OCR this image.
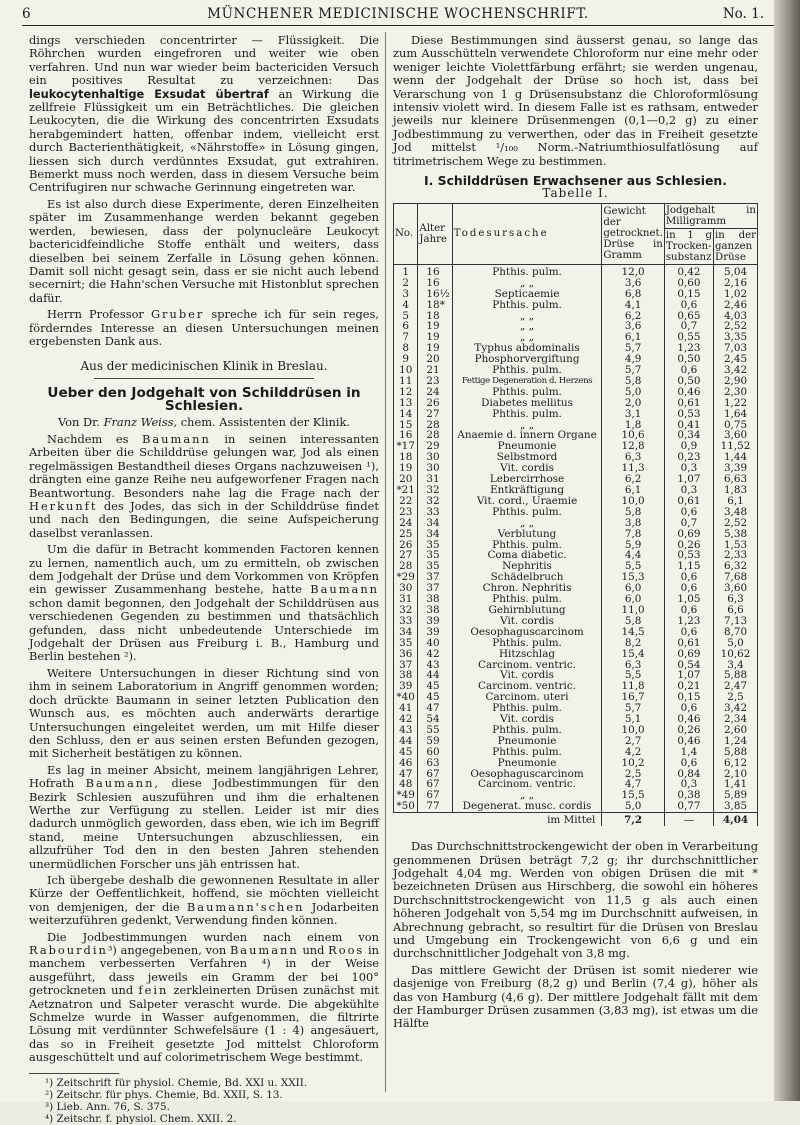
6	MÜNCHENER MEDICINISCHE WOCHENSCHRIFT.	No. 1.

dings verschieden concentrirter — Flüssigkeit. Die Röhrchen wurden eingefroren und weiter wie oben verfahren. Und nun war wieder beim bactericiden Versuch ein positives Resultat zu verzeichnen: Das leukocytenhaltige Exsudat übertraf an Wirkung die zellfreie Flüssigkeit um ein Beträchtliches. Die gleichen Leukocyten, die die Wirkung des concentrirten Exsudats herabgemindert hatten, offenbar indem, vielleicht erst durch Bacterienthätigkeit, «Nährstoffe» in Lösung gingen, liessen sich durch verdünntes Exsudat, gut extrahiren. Bemerkt muss noch werden, dass in diesem Versuche beim Centrifugiren nur schwache Gerinnung eingetreten war.

Es ist also durch diese Experimente, deren Einzelheiten später im Zusammenhange werden bekannt gegeben werden, bewiesen, dass der polynucleäre Leukocyt bactericidfeindliche Stoffe enthält und weiters, dass dieselben bei seinem Zerfalle in Lösung gehen können. Damit soll nicht gesagt sein, dass er sie nicht auch lebend secernirt; die Hahn'schen Versuche mit Histonblut sprechen dafür.

Herrn Professor Gruber spreche ich für sein reges, förderndes Interesse an diesen Untersuchungen meinen ergebensten Dank aus.

Aus der medicinischen Klinik in Breslau.
Ueber den Jodgehalt von Schilddrüsen in Schlesien.
Von Dr. Franz Weiss, chem. Assistenten der Klinik.

Nachdem es Baumann in seinen interessanten Arbeiten über die Schilddrüse gelungen war, Jod als einen regelmässigen Bestandtheil dieses Organs nachzuweisen ¹), drängten eine ganze Reihe neu aufgeworfener Fragen nach Beantwortung. Besonders nahe lag die Frage nach der Herkunft des Jodes, das sich in der Schilddrüse findet und nach den Bedingungen, die seine Aufspeicherung daselbst veranlassen.

Um die dafür in Betracht kommenden Factoren kennen zu lernen, namentlich auch, um zu ermitteln, ob zwischen dem Jodgehalt der Drüse und dem Vorkommen von Kröpfen ein gewisser Zusammenhang bestehe, hatte Baumann schon damit begonnen, den Jodgehalt der Schilddrüsen aus verschiedenen Gegenden zu bestimmen und thatsächlich gefunden, dass nicht unbedeutende Unterschiede im Jodgehalt der Drüsen aus Freiburg i. B., Hamburg und Berlin bestehen ²).

Weitere Untersuchungen in dieser Richtung sind von ihm in seinem Laboratorium in Angriff genommen worden; doch drückte Baumann in seiner letzten Publication den Wunsch aus, es möchten auch anderwärts derartige Untersuchungen eingeleitet werden, um mit Hilfe dieser den Schluss, den er aus seinen ersten Befunden gezogen, mit Sicherheit bestätigen zu können.

Es lag in meiner Absicht, meinem langjährigen Lehrer, Hofrath Baumann, diese Jodbestimmungen für den Bezirk Schlesien auszuführen und ihm die erhaltenen Werthe zur Verfügung zu stellen. Leider ist mir dies dadurch unmöglich geworden, dass eben, wie ich im Begriff stand, meine Untersuchungen abzuschliessen, ein allzufrüher Tod den in den besten Jahren stehenden unermüdlichen Forscher uns jäh entrissen hat.

Ich übergebe deshalb die gewonnenen Resultate in aller Kürze der Oeffentlichkeit, hoffend, sie möchten vielleicht von demjenigen, der die Baumann'schen Jodarbeiten weiterzuführen gedenkt, Verwendung finden können.

Die Jodbestimmungen wurden nach einem von Rabourdin³) angegebenen, von Baumann und Roos in manchem verbesserten Verfahren ⁴) in der Weise ausgeführt, dass jeweils ein Gramm der bei 100° getrockneten und fein zerkleinerten Drüsen zunächst mit Aetznatron und Salpeter verascht wurde. Die abgekühlte Schmelze wurde in Wasser aufgenommen, die filtrirte Lösung mit verdünnter Schwefelsäure (1 : 4) angesäuert, das so in Freiheit gesetzte Jod mittelst Chloroform ausgeschüttelt und auf colorimetrischem Wege bestimmt.

¹) Zeitschrift für physiol. Chemie, Bd. XXI u. XXII.

²) Zeitschr. für phys. Chemie, Bd. XXII, S. 13.

³) Lieb. Ann. 76, S. 375.

⁴) Zeitschr. f. physiol. Chem. XXII. 2.

Diese Bestimmungen sind äusserst genau, so lange das zum Ausschütteln verwendete Chloroform nur eine mehr oder weniger leichte Violettfärbung erfährt; sie werden ungenau, wenn der Jodgehalt der Drüse so hoch ist, dass bei Verarschung von 1 g Drüsensubstanz die Chloroformlösung intensiv violett wird. In diesem Falle ist es rathsam, entweder jeweils nur kleinere Drüsenmengen (0,1—0,2 g) zu einer Jodbestimmung zu verwerthen, oder das in Freiheit gesetzte Jod mittelst ¹/₁₀₀ Norm.-Natriumthiosulfatlösung auf titrimetrischem Wege zu bestimmen.

I. Schilddrüsen Erwachsener aus Schlesien.
Tabelle I.
No.	Alter
Jahre	Todesursache	Gewicht der getrocknet. Drüse in Gramm	Jodgehalt in Milligramm	
				in 1 g Trocken-substanz	in der ganzen Drüse
1	16	Phthis. pulm.	12,0	0,42	5,04
2	16	„ „	3,6	0,60	2,16
3	16½	Septicaemie	6,8	0,15	1,02
4	18*	Phthis. pulm.	4,1	0,6	2,46
5	18	„ „	6,2	0,65	4,03
6	19	„ „	3,6	0,7	2,52
7	19	„ „	6,1	0,55	3,35
8	19	Typhus abdominalis	5,7	1,23	7,03
9	20	Phosphorvergiftung	4,9	0,50	2,45
10	21	Phthis. pulm.	5,7	0,6	3,42
11	23	Fettige Degeneration d. Herzens	5,8	0,50	2,90
12	24	Phthis. pulm.	5,0	0,46	2,30
13	26	Diabetes mellitus	2,0	0,61	1,22
14	27	Phthis. pulm.	3,1	0,53	1,64
15	28	„ „	1,8	0,41	0,75
16	28	Anaemie d. innern Organe	10,6	0,34	3,60
*17	29	Pneumonie	12,8	0,9	11,52
18	30	Selbstmord	6,3	0,23	1,44
19	30	Vit. cordis	11,3	0,3	3,39
20	31	Lebercirrhose	6,2	1,07	6,63
*21	32	Entkräftigung	6,1	0,3	1,83
22	32	Vit. cord., Uraemie	10,0	0,61	6,1
23	33	Phthis. pulm.	5,8	0,6	3,48
24	34	„ „	3,8	0,7	2,52
25	34	Verblutung	7,8	0,69	5,38
26	35	Phthis. pulm.	5,9	0,26	1,53
27	35	Coma diabetic.	4,4	0,53	2,33
28	35	Nephritis	5,5	1,15	6,32
*29	37	Schädelbruch	15,3	0,6	7,68
30	37	Chron. Nephritis	6,0	0,6	3,60
31	38	Phthis. pulm.	6,0	1,05	6,3
32	38	Gehirnblutung	11,0	0,6	6,6
33	39	Vit. cordis	5,8	1,23	7,13
34	39	Oesophaguscarcinom	14,5	0,6	8,70
35	40	Phthis. pulm.	8,2	0,61	5,0
36	42	Hitzschlag	15,4	0,69	10,62
37	43	Carcinom. ventric.	6,3	0,54	3,4
38	44	Vit. cordis	5,5	1,07	5,88
39	45	Carcinom. ventric.	11,8	0,21	2,47
*40	45	Carcinom. uteri	16,7	0,15	2,5
41	47	Phthis. pulm.	5,7	0,6	3,42
42	54	Vit. cordis	5,1	0,46	2,34
43	55	Phthis. pulm.	10,0	0,26	2,60
44	59	Pneumonie	2,7	0,46	1,24
45	60	Phthis. pulm.	4,2	1,4	5,88
46	63	Pneumonie	10,2	0,6	6,12
47	67	Oesophaguscarcinom	2,5	0,84	2,10
48	67	Carcinom. ventric.	4,7	0,3	1,41
*49	67	„ „	15,5	0,38	5,89
*50	77	Degenerat. musc. cordis	5,0	0,77	3,85
im Mittel			7,2	—	4,04

Das Durchschnittstrockengewicht der oben in Verarbeitung genommenen Drüsen beträgt 7,2 g; ihr durchschnittlicher Jodgehalt 4,04 mg. Werden von obigen Drüsen die mit * bezeichneten Drüsen aus Hirschberg, die sowohl ein höheres Durchschnittstrockengewicht von 11,5 g als auch einen höheren Jodgehalt von 5,54 mg im Durchschnitt aufweisen, in Abrechnung gebracht, so resultirt für die Drüsen von Breslau und Umgebung ein Trockengewicht von 6,6 g und ein durchschnittlicher Jodgehalt von 3,8 mg.

Das mittlere Gewicht der Drüsen ist somit niederer wie dasjenige von Freiburg (8,2 g) und Berlin (7,4 g), höher als das von Hamburg (4,6 g). Der mittlere Jodgehalt fällt mit dem der Hamburger Drüsen zusammen (3,83 mg), ist etwas um die Hälfte
